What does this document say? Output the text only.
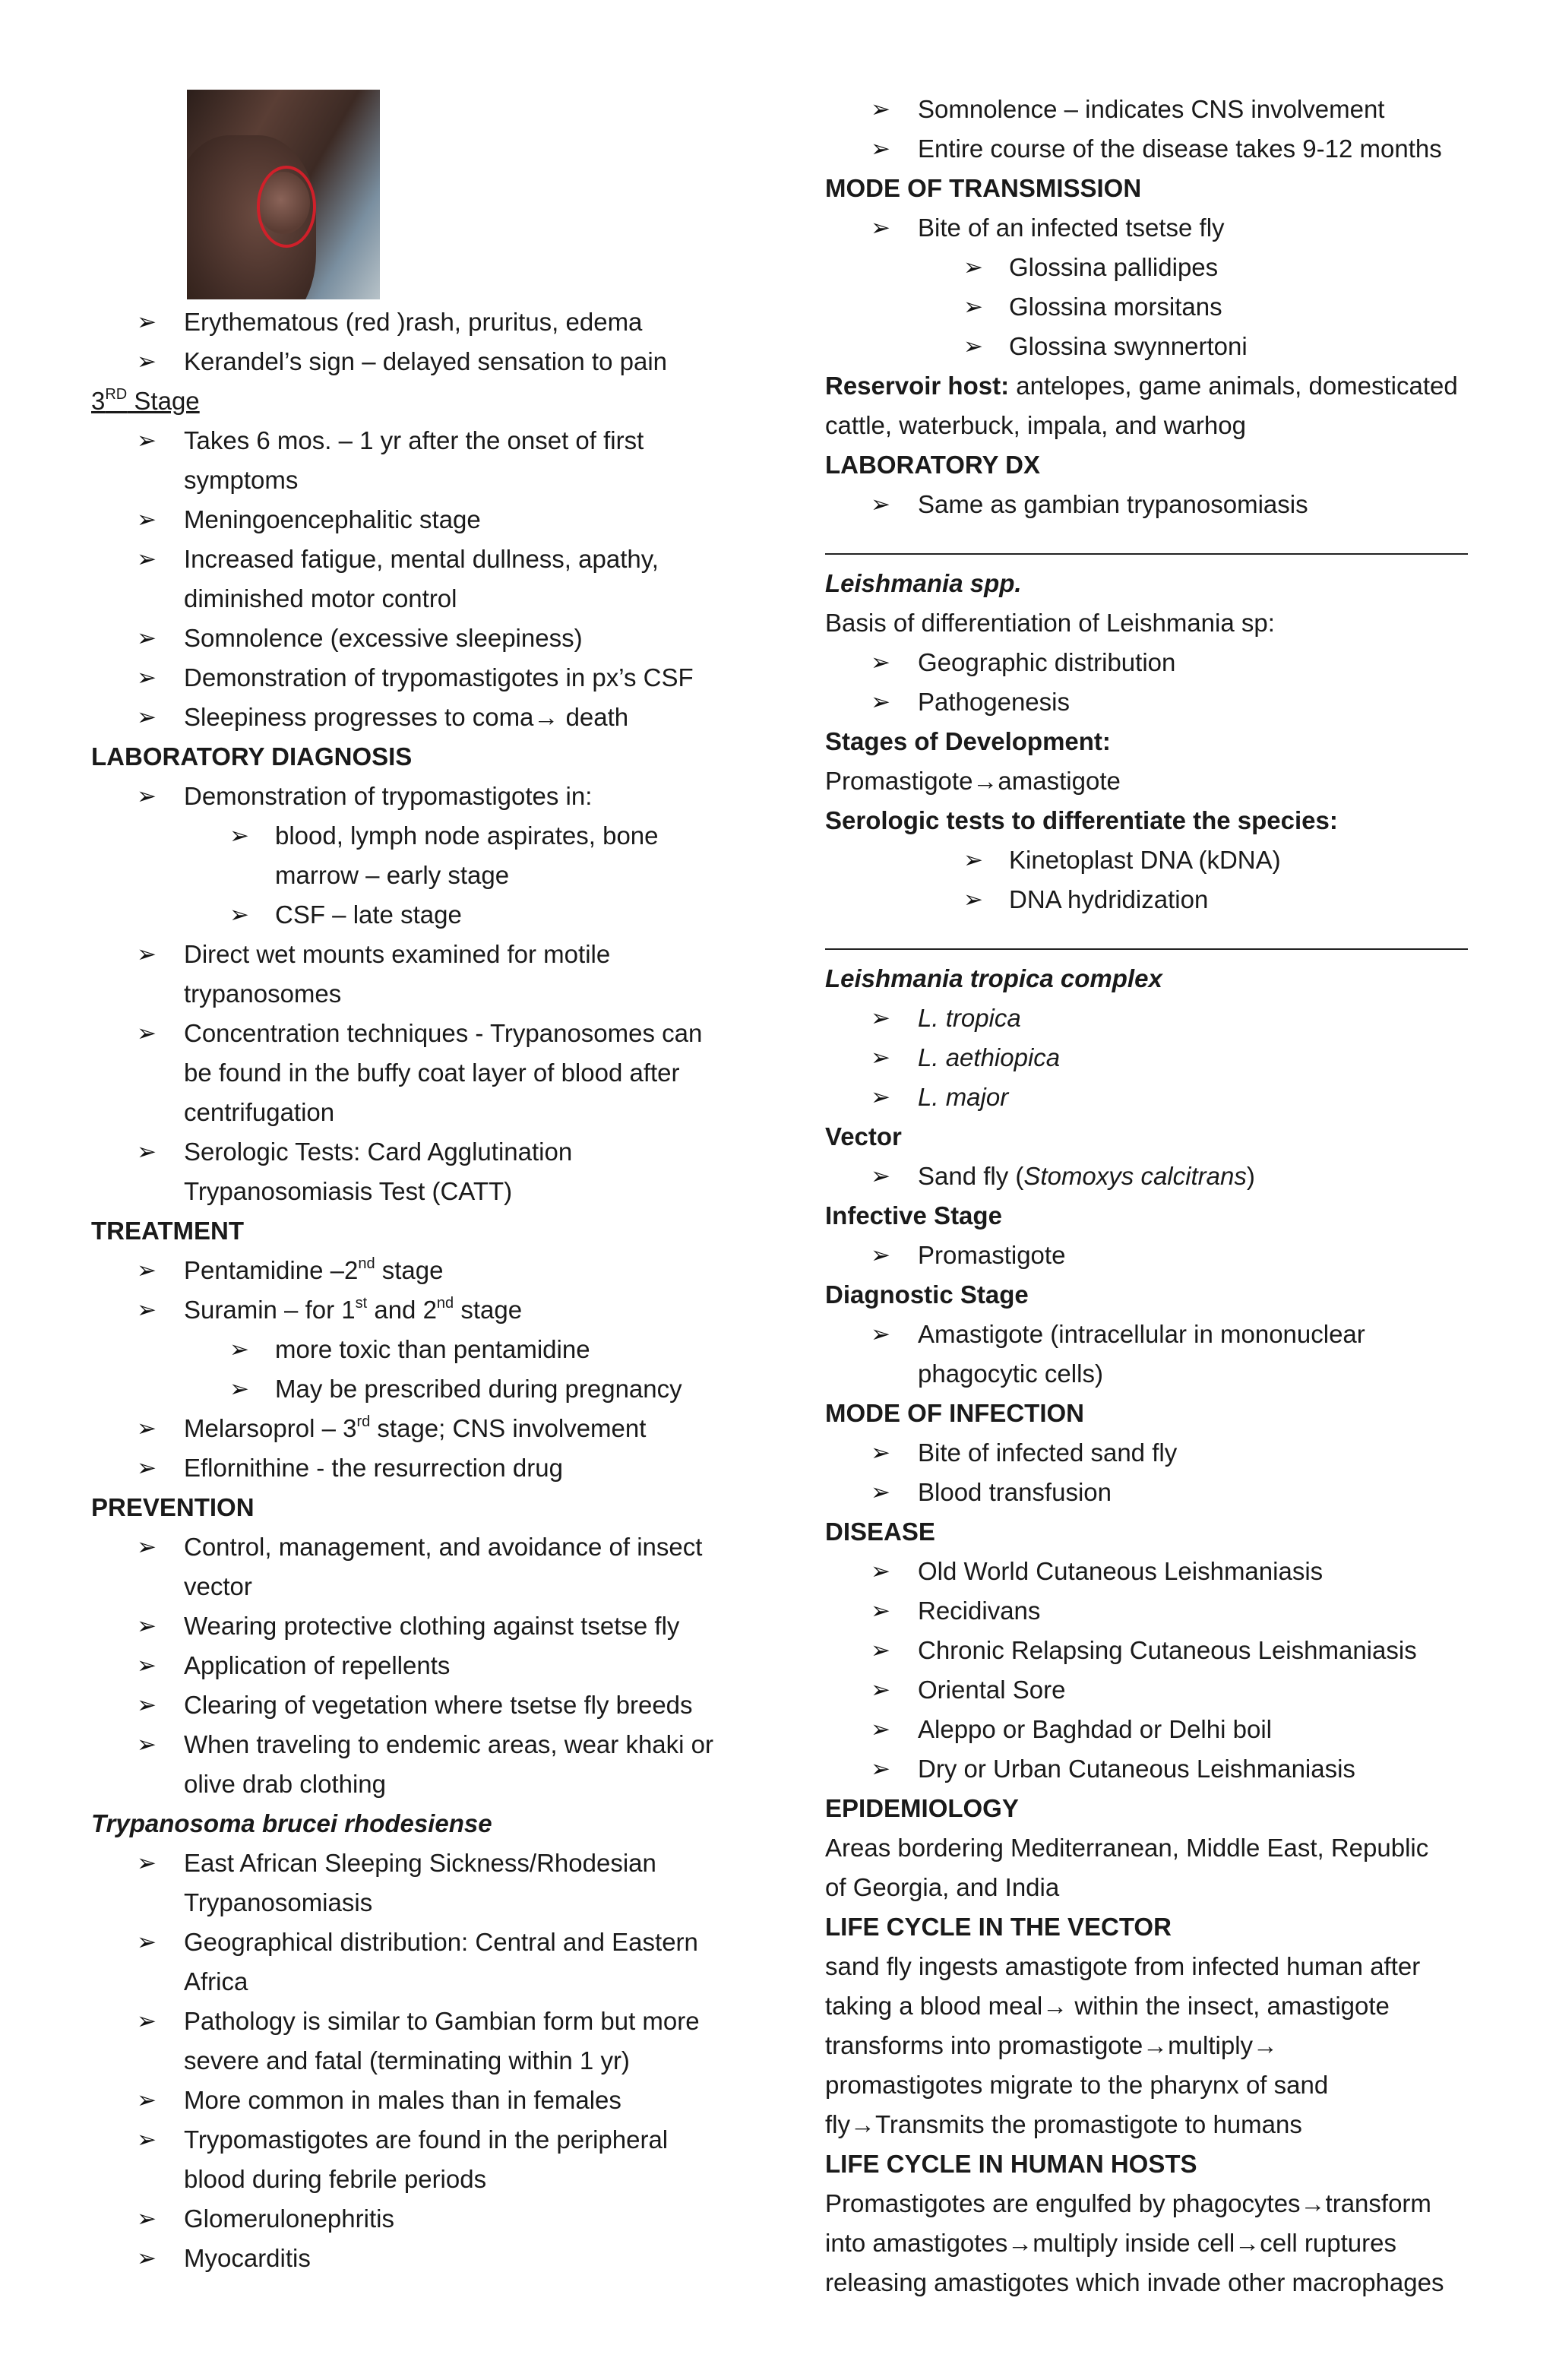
➢ Erythematous (red )rash, pruritus, edema
➢ Kerandel’s sign – delayed sensation to pain
3RD Stage
➢ Takes 6 mos. – 1 yr after the onset of first
symptoms
➢ Meningoencephalitic stage
➢ Increased fatigue, mental dullness, apathy,
diminished motor control
➢ Somnolence (excessive sleepiness)
➢ Demonstration of trypomastigotes in px’s CSF
➢ Sleepiness progresses to coma→ death
LABORATORY DIAGNOSIS
➢ Demonstration of trypomastigotes in:
➢ blood, lymph node aspirates, bone
marrow – early stage
➢ CSF – late stage
➢ Direct wet mounts examined for motile
trypanosomes
➢ Concentration techniques - Trypanosomes can
be found in the buffy coat layer of blood after
centrifugation
➢ Serologic Tests: Card Agglutination
Trypanosomiasis Test (CATT)
TREATMENT
➢ Pentamidine –2nd stage
➢ Suramin – for 1st and 2nd stage
➢ more toxic than pentamidine
➢ May be prescribed during pregnancy
➢ Melarsoprol – 3rd stage; CNS involvement
➢ Eflornithine - the resurrection drug
PREVENTION
➢ Control, management, and avoidance of insect
vector
➢ Wearing protective clothing against tsetse fly
➢ Application of repellents
➢ Clearing of vegetation where tsetse fly breeds
➢ When traveling to endemic areas, wear khaki or
olive drab clothing
Trypanosoma brucei rhodesiense
➢ East African Sleeping Sickness/Rhodesian
Trypanosomiasis
➢ Geographical distribution: Central and Eastern
Africa
➢ Pathology is similar to Gambian form but more
severe and fatal (terminating within 1 yr)
➢ More common in males than in females
➢ Trypomastigotes are found in the peripheral
blood during febrile periods
➢ Glomerulonephritis
➢ Myocarditis
➢ Somnolence – indicates CNS involvement
➢ Entire course of the disease takes 9-12 months
MODE OF TRANSMISSION
➢ Bite of an infected tsetse fly
➢ Glossina pallidipes
➢ Glossina morsitans
➢ Glossina swynnertoni
Reservoir host: antelopes, game animals, domesticated
cattle, waterbuck, impala, and warhog
LABORATORY DX
➢ Same as gambian trypanosomiasis
Leishmania spp.
Basis of differentiation of Leishmania sp:
➢ Geographic distribution
➢ Pathogenesis
Stages of Development:
Promastigote→amastigote
Serologic tests to differentiate the species:
➢ Kinetoplast DNA (kDNA)
➢ DNA hydridization
Leishmania tropica complex
➢ L. tropica
➢ L. aethiopica
➢ L. major
Vector
➢ Sand fly (Stomoxys calcitrans)
Infective Stage
➢ Promastigote
Diagnostic Stage
➢ Amastigote (intracellular in mononuclear
phagocytic cells)
MODE OF INFECTION
➢ Bite of infected sand fly
➢ Blood transfusion
DISEASE
➢ Old World Cutaneous Leishmaniasis
➢ Recidivans
➢ Chronic Relapsing Cutaneous Leishmaniasis
➢ Oriental Sore
➢ Aleppo or Baghdad or Delhi boil
➢ Dry or Urban Cutaneous Leishmaniasis
EPIDEMIOLOGY
Areas bordering Mediterranean, Middle East, Republic
of Georgia, and India
LIFE CYCLE IN THE VECTOR
sand fly ingests amastigote from infected human after
taking a blood meal→ within the insect, amastigote
transforms into promastigote→multiply→
promastigotes migrate to the pharynx of sand
fly→Transmits the promastigote to humans
LIFE CYCLE IN HUMAN HOSTS
Promastigotes are engulfed by phagocytes→transform
into amastigotes→multiply inside cell→cell ruptures
releasing amastigotes which invade other macrophages
